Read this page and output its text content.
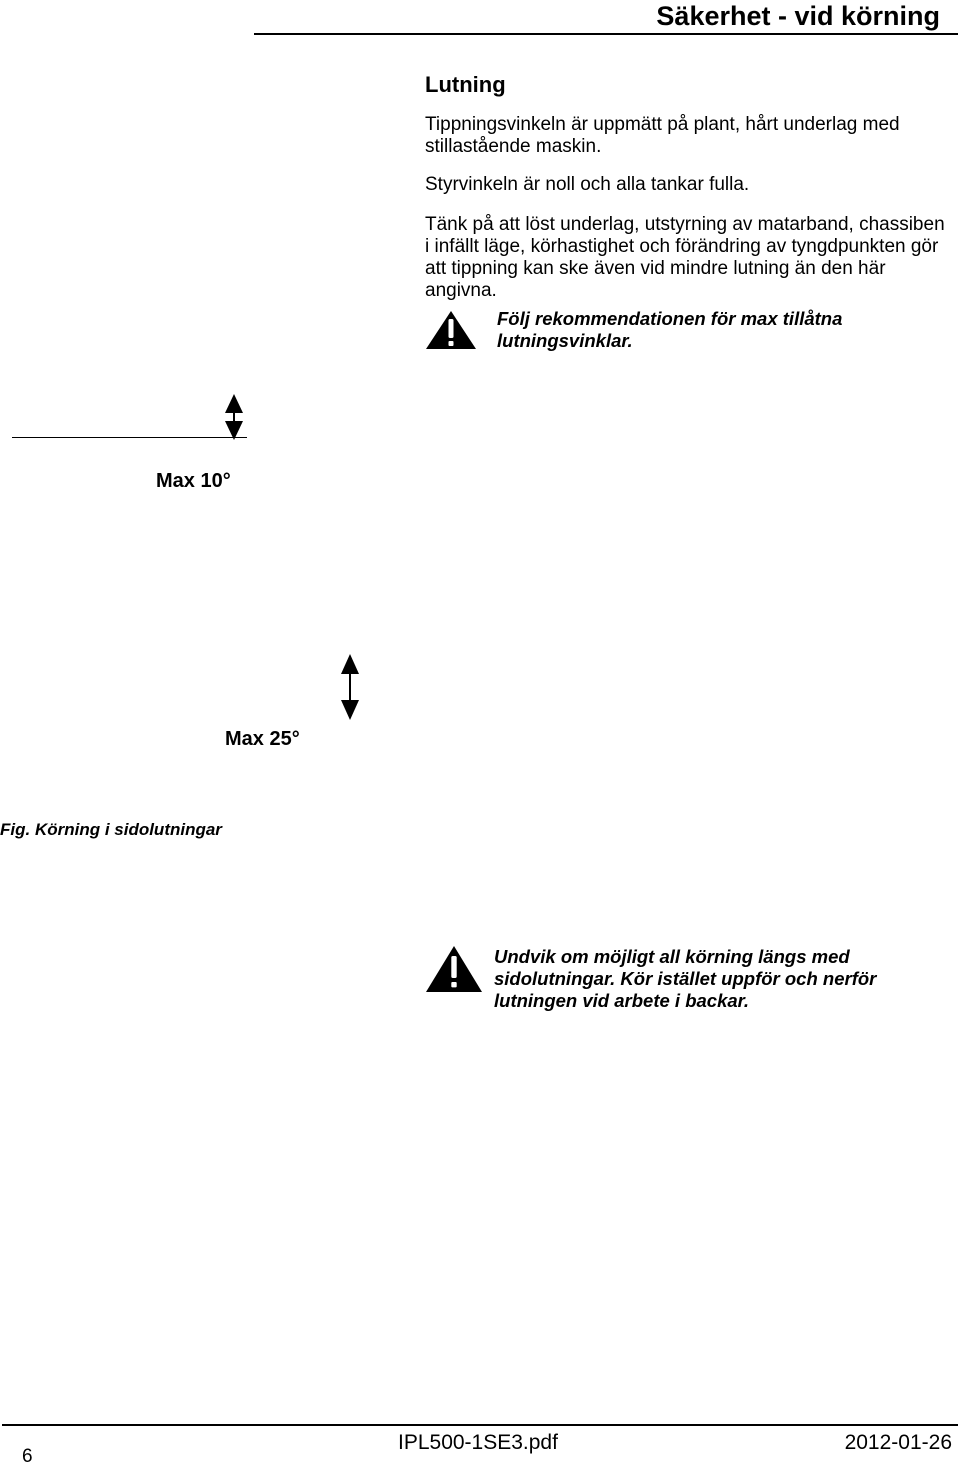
Säkerhet - vid körning
Lutning
Tippningsvinkeln är uppmätt på plant, hårt underlag med stillastående maskin.
Styrvinkeln är noll och alla tankar fulla.
Tänk på att löst underlag, utstyrning av matarband, chassiben i infällt läge, körhastighet och förändring av tyngdpunkten gör att tippning kan ske även vid mindre lutning än den här angivna.
Följ rekommendationen för max tillåtna lutningsvinklar.
Max 10°
Max 25°
Fig. Körning i sidolutningar
Undvik om möjligt all körning längs med sidolutningar. Kör istället uppför och nerför lutningen vid arbete i backar.
6
IPL500-1SE3.pdf	2012-01-26
